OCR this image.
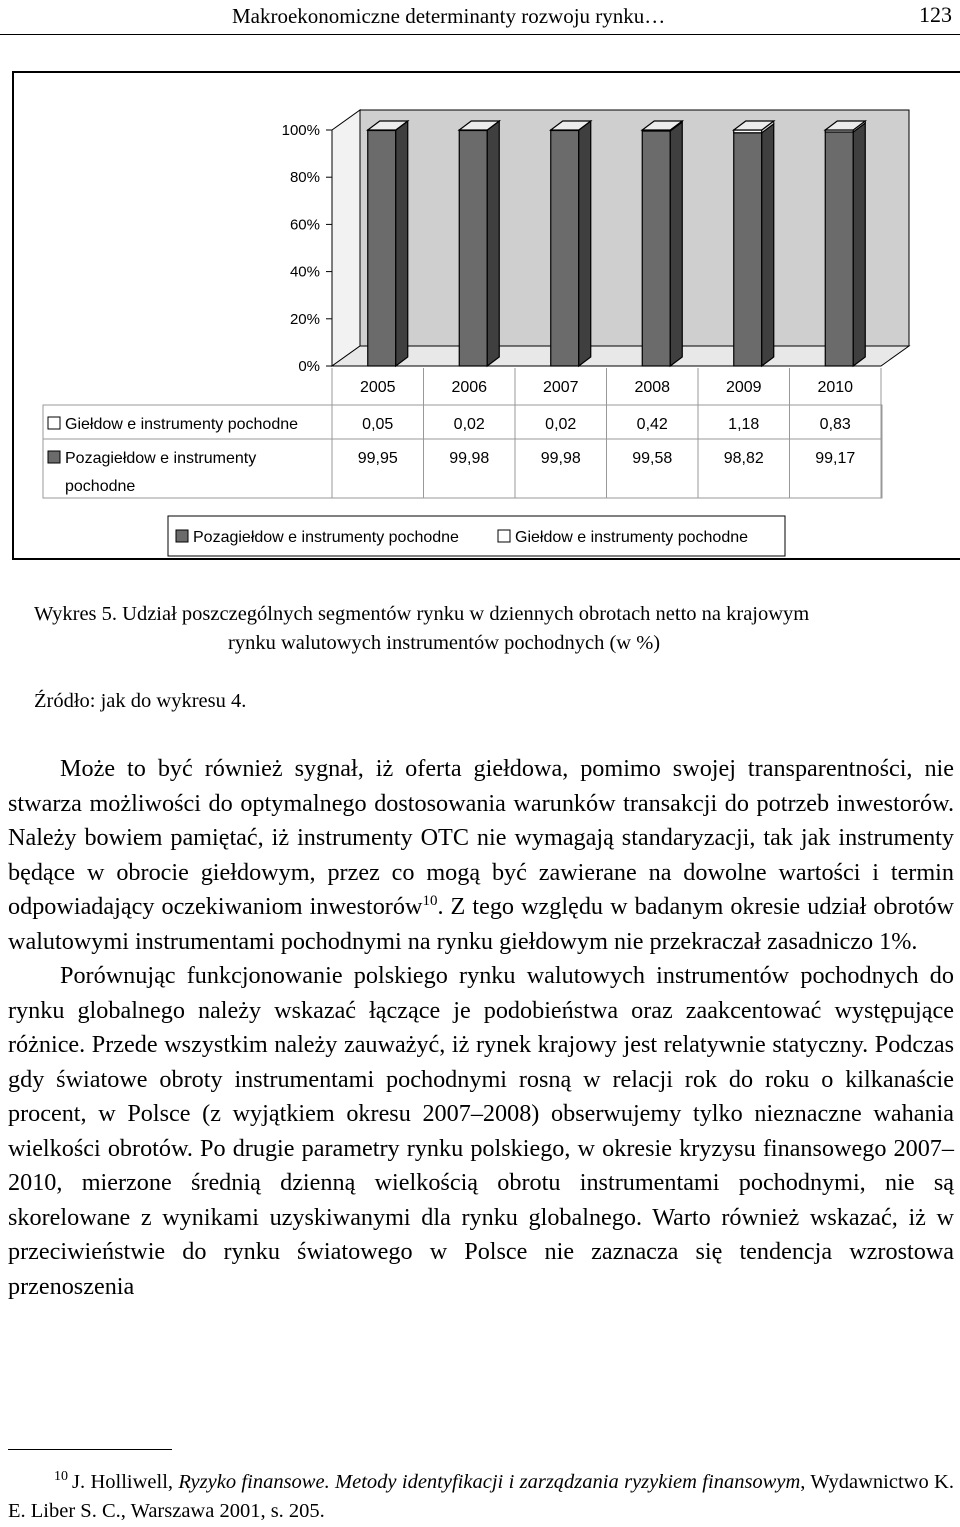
Makroekonomiczne determinanty rozwoju rynku…	123
0%
20%
40%
60%
80%
100%
2005
0,05
99,95
2006
0,02
99,98
2007
0,02
99,98
2008
0,42
99,58
2009
1,18
98,82
2010
0,83
99,17
Giełdow e instrumenty pochodne
Pozagiełdow e instrumenty
pochodne
Pozagiełdow e instrumenty pochodne	Giełdow e instrumenty pochodne
Wykres 5. Udział poszczególnych segmentów rynku w dziennych obrotach netto na krajowym
rynku walutowych instrumentów pochodnych (w %)
Źródło: jak do wykresu 4.

Może to być również sygnał, iż oferta giełdowa, pomimo swojej transparentności, nie stwarza możliwości do optymalnego dostosowania warunków transakcji do potrzeb inwestorów. Należy bowiem pamiętać, iż instrumenty OTC nie wymagają standaryzacji, tak jak instrumenty będące w obrocie giełdowym, przez co mogą być zawierane na dowolne wartości i termin odpowiadający oczekiwaniom inwestorów$^{10}$. Z tego względu w badanym okresie udział obrotów walutowymi instrumentami pochodnymi na rynku giełdowym nie przekraczał zasadniczo 1%.

Porównując funkcjonowanie polskiego rynku walutowych instrumentów pochodnych do rynku globalnego należy wskazać łączące je podobieństwa oraz zaakcentować występujące różnice. Przede wszystkim należy zauważyć, iż rynek krajowy jest relatywnie statyczny. Podczas gdy światowe obroty instrumentami pochodnymi rosną w relacji rok do roku o kilkanaście procent, w Polsce (z wyjątkiem okresu 2007–2008) obserwujemy tylko nieznaczne wahania wielkości obrotów. Po drugie parametry rynku polskiego, w okresie kryzysu finansowego 2007–2010, mierzone średnią dzienną wielkością obrotu instrumentami pochodnymi, nie są skorelowane z wynikami uzyskiwanymi dla rynku globalnego. Warto również wskazać, iż w przeciwieństwie do rynku światowego w Polsce nie zaznacza się tendencja wzrostowa przenoszenia

$^{10}$ J. Holliwell, Ryzyko finansowe. Metody identyfikacji i zarządzania ryzykiem finansowym, Wydawnictwo K. E. Liber S. C., Warszawa 2001, s. 205.
